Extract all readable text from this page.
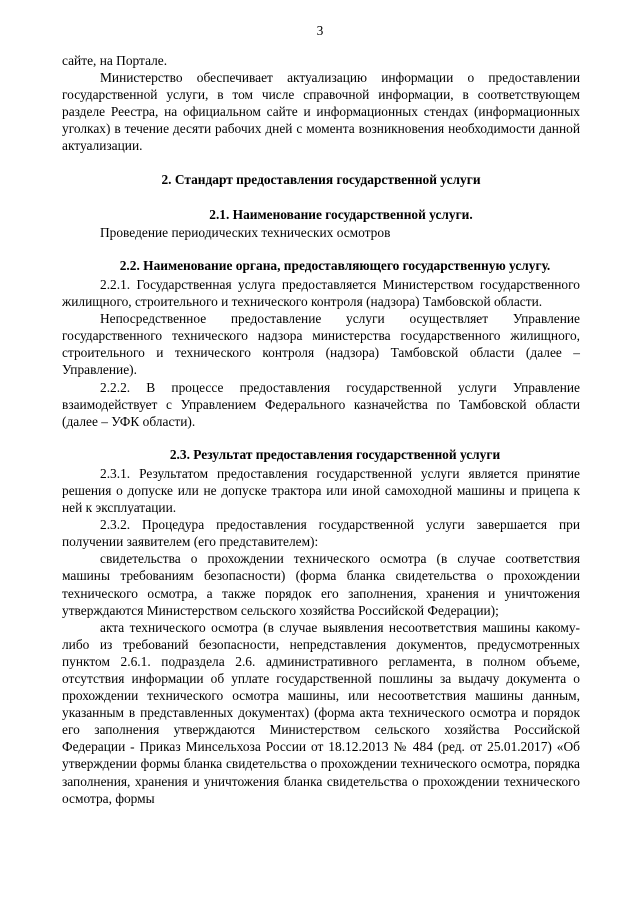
3

сайте, на Портале.

Министерство обеспечивает актуализацию информации о предоставлении государственной услуги, в том числе справочной информации, в соответствующем разделе Реестра, на официальном сайте и информационных стендах (информационных уголках) в течение десяти рабочих дней с момента возникновения необходимости данной актуализации.

2. Стандарт предоставления государственной услуги

2.1. Наименование государственной услуги.

Проведение периодических технических осмотров

2.2. Наименование органа, предоставляющего государственную услугу.

2.2.1. Государственная услуга предоставляется Министерством государственного жилищного, строительного и технического контроля (надзора) Тамбовской области.

Непосредственное предоставление услуги осуществляет Управление государственного технического надзора министерства государственного жилищного, строительного и технического контроля (надзора) Тамбовской области (далее – Управление).

2.2.2. В процессе предоставления государственной услуги Управление взаимодействует с Управлением Федерального казначейства по Тамбовской области (далее – УФК области).

2.3. Результат предоставления государственной услуги

2.3.1. Результатом предоставления государственной услуги является принятие решения о допуске или не допуске трактора или иной самоходной машины и прицепа к ней к эксплуатации.

2.3.2. Процедура предоставления государственной услуги завершается при получении заявителем (его представителем):

свидетельства о прохождении технического осмотра (в случае соответствия машины требованиям безопасности) (форма бланка свидетельства о прохождении технического осмотра, а также порядок его заполнения, хранения и уничтожения утверждаются Министерством сельского хозяйства Российской Федерации);

акта технического осмотра (в случае выявления несоответствия машины какому-либо из требований безопасности, непредставления документов, предусмотренных пунктом 2.6.1. подраздела 2.6. административного регламента, в полном объеме, отсутствия информации об уплате государственной пошлины за выдачу документа о прохождении технического осмотра машины, или несоответствия машины данным, указанным в представленных документах) (форма акта технического осмотра и порядок его заполнения утверждаются Министерством сельского хозяйства Российской Федерации - Приказ Минсельхоза России от 18.12.2013 № 484 (ред. от 25.01.2017) «Об утверждении формы бланка свидетельства о прохождении технического осмотра, порядка заполнения, хранения и уничтожения бланка свидетельства о прохождении технического осмотра, формы
